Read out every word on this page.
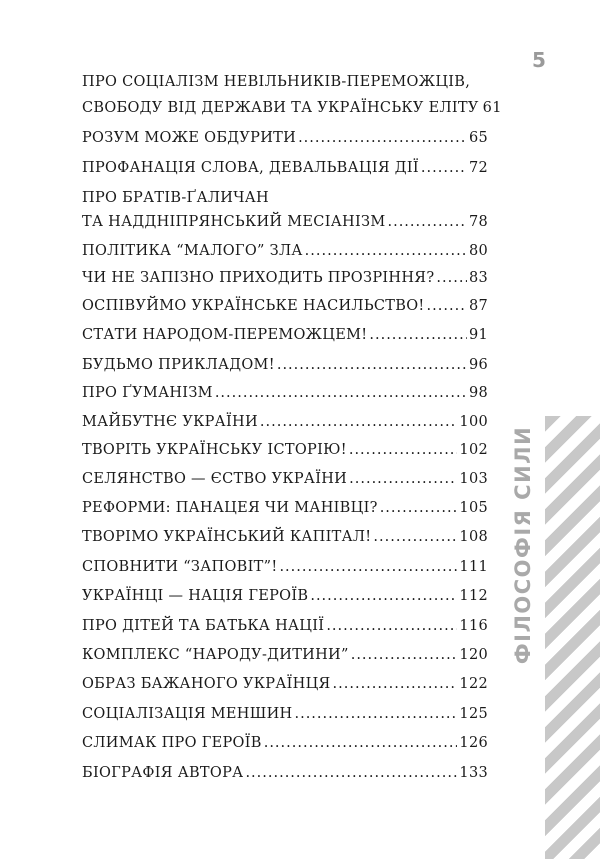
5
ПРО СОЦІАЛІЗМ НЕВІЛЬНИКІВ-ПЕРЕМОЖЦІВ,
СВОБОДУ ВІД ДЕРЖАВИ ТА УКРАЇНСЬКУ ЕЛІТУ 61
РОЗУМ МОЖЕ ОБДУРИТИ .....	65
ПРОФАНАЦІЯ СЛОВА, ДЕВАЛЬВАЦІЯ ДІЇ .....	72
ПРО БРАТІВ-ҐАЛИЧАН
ТА НАДДНІПРЯНСЬКИЙ МЕСІАНІЗМ .....	78
ПОЛІТИКА “МАЛОГО” ЗЛА .....	80
ЧИ НЕ ЗАПІЗНО ПРИХОДИТЬ ПРОЗРІННЯ? ..... 83
ОСПІВУЙМО УКРАЇНСЬКЕ НАСИЛЬСТВО! .....	87
СТАТИ НАРОДОМ-ПЕРЕМОЖЦЕМ! .....	91
БУДЬМО ПРИКЛАДОМ! .....	96
ПРО ҐУМАНІЗМ .....	98
МАЙБУТНЄ УКРАЇНИ .....	100
ТВОРІТЬ УКРАЇНСЬКУ ІСТОРІЮ! .....	102
СЕЛЯНСТВО — ЄСТВО УКРАЇНИ .....	103
РЕФОРМИ: ПАНАЦЕЯ ЧИ МАНІВЦІ? .....	105
ТВОРІМО УКРАЇНСЬКИЙ КАПІТАЛ! .....	108
СПОВНИТИ “ЗАПОВІТ”! .....	111
УКРАЇНЦІ — НАЦІЯ ГЕРОЇВ .....	112
ПРО ДІТЕЙ ТА БАТЬКА НАЦІЇ .....	116
КОМПЛЕКС “НАРОДУ-ДИТИНИ” .....	120
ОБРАЗ БАЖАНОГО УКРАЇНЦЯ .....	122
СОЦІАЛІЗАЦІЯ МЕНШИН .....	125
СЛИМАК ПРО ГЕРОЇВ .....	126
БІОГРАФІЯ АВТОРА .....	133
ФІЛОСОФІЯ СИЛИ
